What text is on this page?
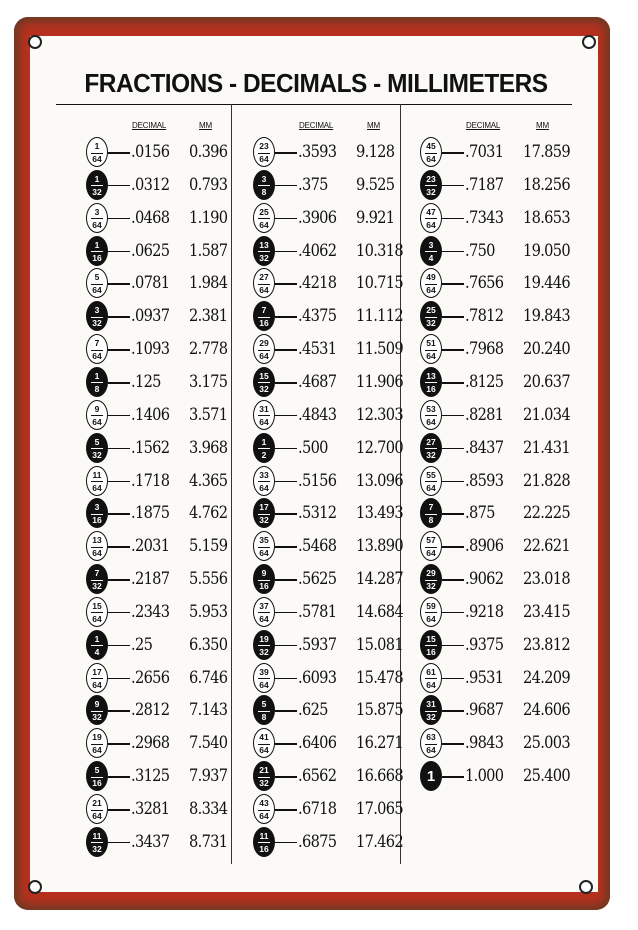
FRACTIONS - DECIMALS - MILLIMETERS
DECIMAL	MM	DECIMAL	MM	DECIMAL	MM
1
64	.0156 0.396
1
32	.0312 0.793
3
64	.0468 1.190
1
16	.0625 1.587
5
64	.0781 1.984
3
32	.0937 2.381
7
64	.1093 2.778
1
8	.125 3.175
9
64	.1406 3.571
5
32	.1562 3.968
11
64	.1718 4.365
3
16	.1875 4.762
13
64	.2031 5.159
7
32	.2187 5.556
15
64	.2343 5.953
1
4	.25 6.350
17
64	.2656 6.746
9
32	.2812 7.143
19
64	.2968 7.540
5
16	.3125 7.937
21
64	.3281 8.334
11
32	.3437 8.731
23
64	.3593 9.128
3
8	.375 9.525
25
64	.3906 9.921
13
32	.4062 10.318
27
64	.4218 10.715
7
16	.4375 11.112
29
64	.4531 11.509
15
32	.4687 11.906
31
64	.4843 12.303
1
2	.500 12.700
33
64	.5156 13.096
17
32	.5312 13.493
35
64	.5468 13.890
9
16	.5625 14.287
37
64	.5781 14.684
19
32	.5937 15.081
39
64	.6093 15.478
5
8	.625 15.875
41
64	.6406 16.271
21
32	.6562 16.668
43
64	.6718 17.065
11
16	.6875 17.462
45
64	.7031 17.859
23
32	.7187 18.256
47
64	.7343 18.653
3
4	.750 19.050
49
64	.7656 19.446
25
32	.7812 19.843
51
64	.7968 20.240
13
16	.8125 20.637
53
64	.8281 21.034
27
32	.8437 21.431
55
64	.8593 21.828
7
8	.875 22.225
57
64	.8906 22.621
29
32	.9062 23.018
59
64	.9218 23.415
15
16	.9375 23.812
61
64	.9531 24.209
31
32	.9687 24.606
63
64	.9843 25.003
1	1.000 25.400
